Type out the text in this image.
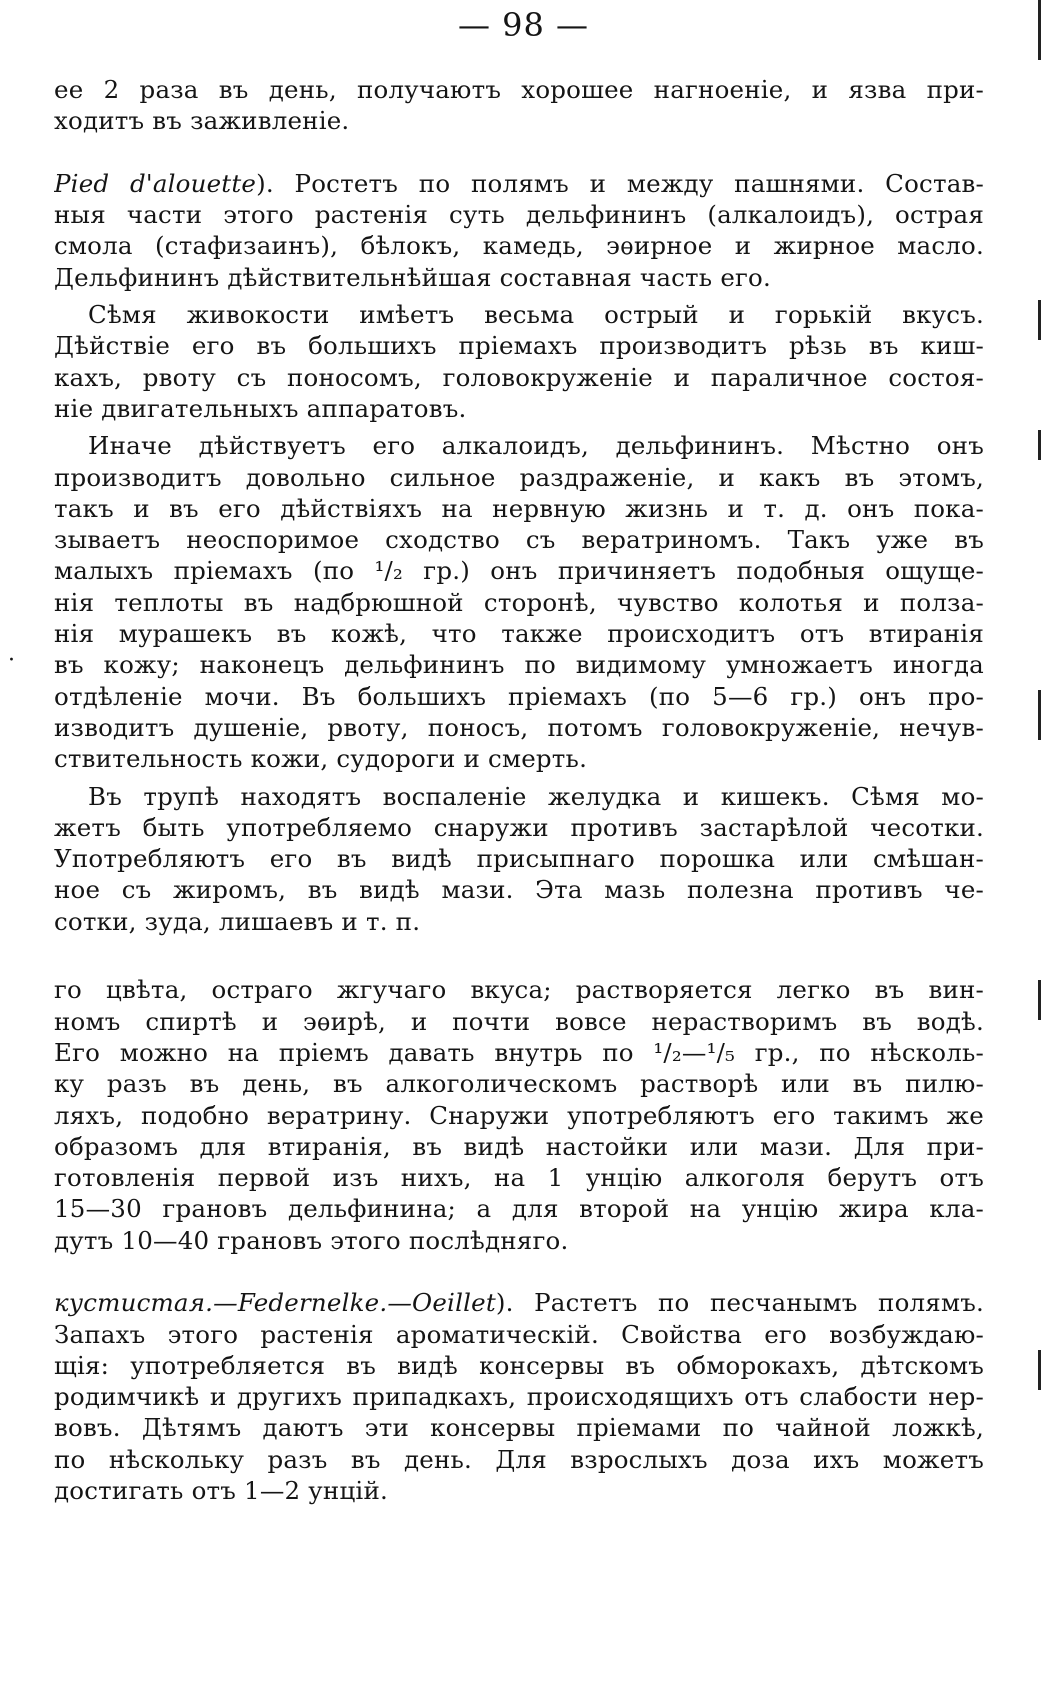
— 98 —
·
ее 2 раза въ день, получаютъ хорошее нагноенiе, и язва при-
ходитъ въ заживленiе.

Pied d'alouette). Ростетъ по полямъ и между пашнями. Состав-
ныя части этого растенiя суть дельфининъ (алкалоидъ), острая
смола (стафизаинъ), бѣлокъ, камедь, эѳирное и жирное масло.
Дельфининъ дѣйствительнѣйшая составная часть его.
Сѣмя живокости имѣетъ весьма острый и горькiй вкусъ.
Дѣйствiе его въ большихъ прiемахъ производитъ рѣзь въ киш-
кахъ, рвоту съ поносомъ, головокруженiе и параличное состоя-
нiе двигательныхъ аппаратовъ.
Иначе дѣйствуетъ его алкалоидъ, дельфининъ. Мѣстно онъ
производитъ довольно сильное раздраженiе, и какъ въ этомъ,
такъ и въ его дѣйствiяхъ на нервную жизнь и т. д. онъ пока-
зываетъ неоспоримое сходство съ вератриномъ. Такъ уже въ
малыхъ прiемахъ (по ¹/₂ гр.) онъ причиняетъ подобныя ощуще-
нiя теплоты въ надбрюшной сторонѣ, чувство колотья и полза-
нiя мурашекъ въ кожѣ, что также происходитъ отъ втиранiя
въ кожу; наконецъ дельфининъ по видимому умножаетъ иногда
отдѣленiе мочи. Въ большихъ прiемахъ (по 5—6 гр.) онъ про-
изводитъ душенiе, рвоту, поносъ, потомъ головокруженiе, нечув-
ствительность кожи, судороги и смерть.
Въ трупѣ находятъ воспаленiе желудка и кишекъ. Сѣмя мо-
жетъ быть употребляемо снаружи противъ застарѣлой чесотки.
Употребляютъ его въ видѣ присыпнаго порошка или смѣшан-
ное съ жиромъ, въ видѣ мази. Эта мазь полезна противъ че-
сотки, зуда, лишаевъ и т. п.

го цвѣта, остраго жгучаго вкуса; растворяется легко въ вин-
номъ спиртѣ и эѳирѣ, и почти вовсе нерастворимъ въ водѣ.
Его можно на прiемъ давать внутрь по ¹/₂—¹/₅ гр., по нѣсколь-
ку разъ въ день, въ алкоголическомъ растворѣ или въ пилю-
ляхъ, подобно вератрину. Снаружи употребляютъ его такимъ же
образомъ для втиранiя, въ видѣ настойки или мази. Для при-
готовленiя первой изъ нихъ, на 1 унцiю алкоголя берутъ отъ
15—30 грановъ дельфинина; а для второй на унцiю жира кла-
дутъ 10—40 грановъ этого послѣдняго.

кустистая.—Federnelke.—Oeillet). Растетъ по песчанымъ полямъ.
Запахъ этого растенiя ароматическiй. Свойства его возбуждаю-
щiя: употребляется въ видѣ консервы въ обморокахъ, дѣтскомъ
родимчикѣ и другихъ припадкахъ, происходящихъ отъ слабости нер-
вовъ. Дѣтямъ даютъ эти консервы прiемами по чайной ложкѣ,
по нѣскольку разъ въ день. Для взрослыхъ доза ихъ можетъ
достигать отъ 1—2 унцiй.
